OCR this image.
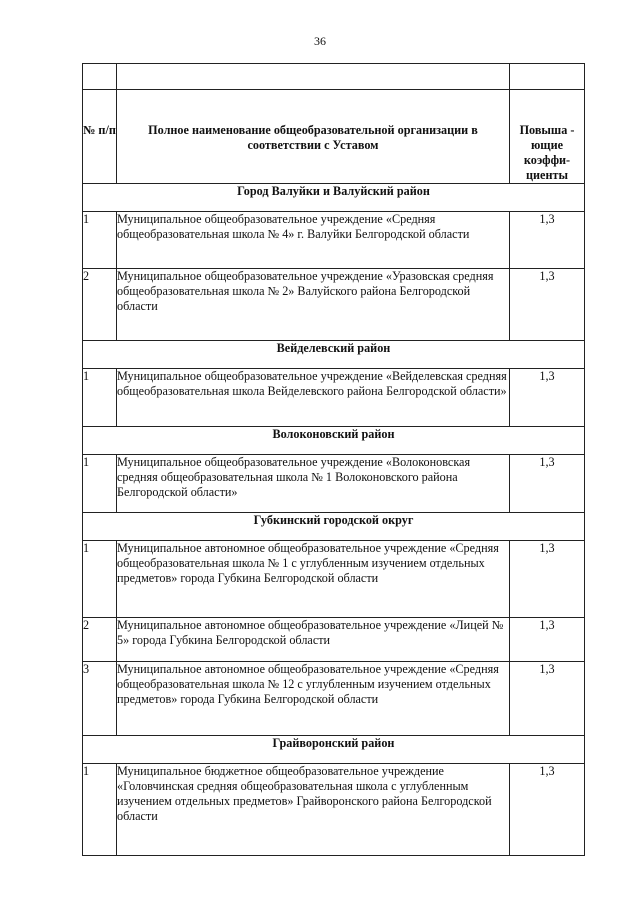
36

№ п/п	Полное наименование общеобразовательной организации в соответствии с Уставом	Повыша - ющие коэффи- циенты
Город Валуйки и Валуйский район		
1	Муниципальное общеобразовательное учреждение «Средняя общеобразовательная школа № 4» г. Валуйки Белгородской области	1,3
2	Муниципальное общеобразовательное учреждение «Уразовская средняя общеобразовательная школа № 2» Валуйского района Белгородской области	1,3
Вейделевский район		
1	Муниципальное общеобразовательное учреждение «Вейделевская средняя общеобразовательная школа Вейделевского района Белгородской области»	1,3
Волоконовский район		
1	Муниципальное общеобразовательное учреждение «Волоконовская средняя общеобразовательная школа № 1 Волоконовского района Белгородской области»	1,3
Губкинский городской округ		
1	Муниципальное автономное общеобразовательное учреждение «Средняя общеобразовательная школа № 1 с углубленным изучением отдельных предметов» города Губкина Белгородской области	1,3
2	Муниципальное автономное общеобразовательное учреждение «Лицей № 5» города Губкина Белгородской области	1,3
3	Муниципальное автономное общеобразовательное учреждение «Средняя общеобразовательная школа № 12 с углубленным изучением отдельных предметов» города Губкина Белгородской области	1,3
Грайворонский район		
1	Муниципальное бюджетное общеобразовательное учреждение «Головчинская средняя общеобразовательная школа с углубленным изучением отдельных предметов» Грайворонского района Белгородской области	1,3
